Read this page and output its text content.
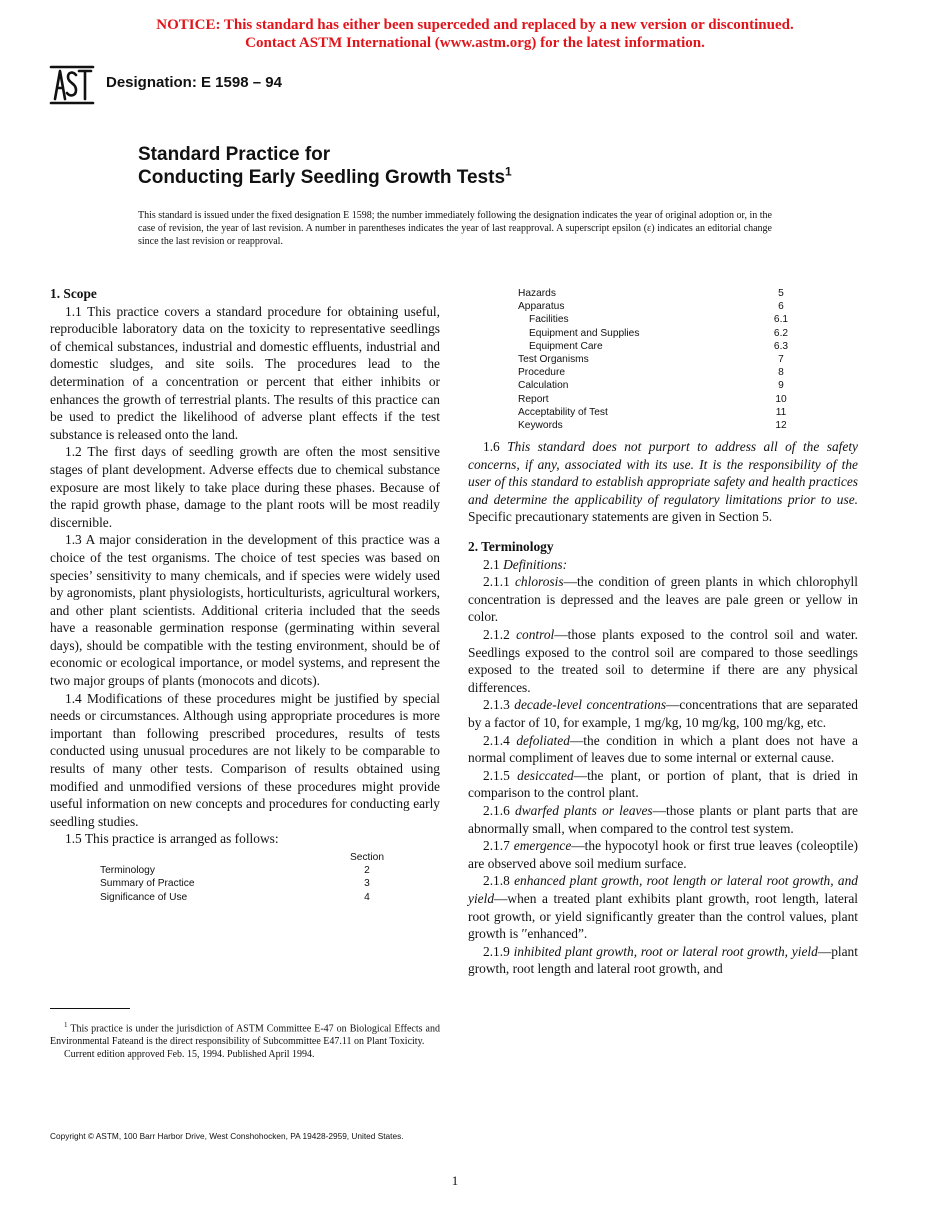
NOTICE: This standard has either been superceded and replaced by a new version or discontinued.
Contact ASTM International (www.astm.org) for the latest information.
Designation: E 1598 – 94
Standard Practice for
Conducting Early Seedling Growth Tests$^1$
This standard is issued under the fixed designation E 1598; the number immediately following the designation indicates the year of original adoption or, in the case of revision, the year of last revision. A number in parentheses indicates the year of last reapproval. A superscript epsilon (ε) indicates an editorial change since the last revision or reapproval.
1. Scope

1.1 This practice covers a standard procedure for obtaining useful, reproducible laboratory data on the toxicity to representative seedlings of chemical substances, industrial and domestic effluents, industrial and domestic sludges, and site soils. The procedures lead to the determination of a concentration or percent that either inhibits or enhances the growth of terrestrial plants. The results of this practice can be used to predict the likelihood of adverse plant effects if the test substance is released onto the land.

1.2 The first days of seedling growth are often the most sensitive stages of plant development. Adverse effects due to chemical substance exposure are most likely to take place during these phases. Because of the rapid growth phase, damage to the plant roots will be most readily discernible.

1.3 A major consideration in the development of this practice was a choice of the test organisms. The choice of test species was based on species’ sensitivity to many chemicals, and if species were widely used by agronomists, plant physiologists, horticulturists, agricultural workers, and other plant scientists. Additional criteria included that the seeds have a reasonable germination response (germinating within several days), should be compatible with the testing environment, should be of economic or ecological importance, or model systems, and represent the two major groups of plants (monocots and dicots).

1.4 Modifications of these procedures might be justified by special needs or circumstances. Although using appropriate procedures is more important than following prescribed procedures, results of tests conducted using unusual procedures are not likely to be comparable to results of many other tests. Comparison of results obtained using modified and unmodified versions of these procedures might provide useful information on new concepts and procedures for conducting early seedling studies.

1.5 This practice is arranged as follows:

Section
Terminology	2
Summary of Practice	3
Significance of Use	4
Hazards	5
Apparatus	6
Facilities	6.1
Equipment and Supplies	6.2
Equipment Care	6.3
Test Organisms	7
Procedure	8
Calculation	9
Report	10
Acceptability of Test	11
Keywords	12

1.6 This standard does not purport to address all of the safety concerns, if any, associated with its use. It is the responsibility of the user of this standard to establish appropriate safety and health practices and determine the applicability of regulatory limitations prior to use. Specific precautionary statements are given in Section 5.

2. Terminology

2.1 Definitions:

2.1.1 chlorosis—the condition of green plants in which chlorophyll concentration is depressed and the leaves are pale green or yellow in color.

2.1.2 control—those plants exposed to the control soil and water. Seedlings exposed to the control soil are compared to those seedlings exposed to the treated soil to determine if there are any physical differences.

2.1.3 decade-level concentrations—concentrations that are separated by a factor of 10, for example, 1 mg/kg, 10 mg/kg, 100 mg/kg, etc.

2.1.4 defoliated—the condition in which a plant does not have a normal compliment of leaves due to some internal or external cause.

2.1.5 desiccated—the plant, or portion of plant, that is dried in comparison to the control plant.

2.1.6 dwarfed plants or leaves—those plants or plant parts that are abnormally small, when compared to the control test system.

2.1.7 emergence—the hypocotyl hook or first true leaves (coleoptile) are observed above soil medium surface.

2.1.8 enhanced plant growth, root length or lateral root growth, and yield—when a treated plant exhibits plant growth, root length, lateral root growth, or yield significantly greater than the control values, plant growth is ′′enhanced”.

2.1.9 inhibited plant growth, root or lateral root growth, yield—plant growth, root length and lateral root growth, and

$^1$ This practice is under the jurisdiction of ASTM Committee E-47 on Biological Effects and Environmental Fateand is the direct responsibility of Subcommittee E47.11 on Plant Toxicity.

Current edition approved Feb. 15, 1994. Published April 1994.

Copyright © ASTM, 100 Barr Harbor Drive, West Conshohocken, PA 19428-2959, United States.
1
